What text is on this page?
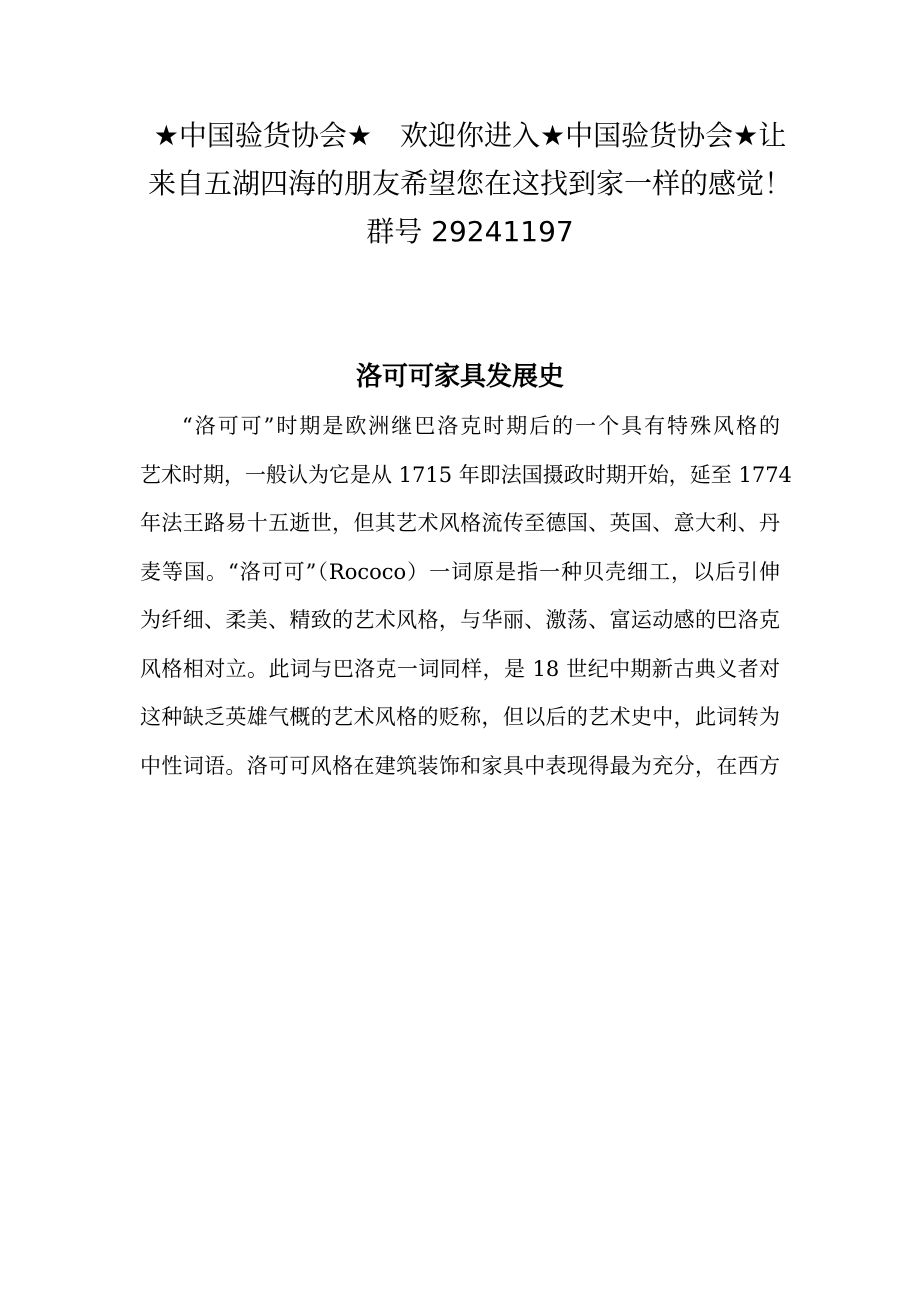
★中国验货协会★　欢迎你进入★中国验货协会★让
来自五湖四海的朋友希望您在这找到家一样的感觉！
群号 29241197
洛可可家具发展史
“洛可可”时期是欧洲继巴洛克时期后的一个具有特殊风格的
艺术时期，一般认为它是从 1715 年即法国摄政时期开始，延至 1774
年法王路易十五逝世，但其艺术风格流传至德国、英国、意大利、丹
麦等国。“洛可可”（Rococo）一词原是指一种贝壳细工，以后引伸
为纤细、柔美、精致的艺术风格，与华丽、激荡、富运动感的巴洛克
风格相对立。此词与巴洛克一词同样，是 18 世纪中期新古典义者对
这种缺乏英雄气概的艺术风格的贬称，但以后的艺术史中，此词转为
中性词语。洛可可风格在建筑装饰和家具中表现得最为充分，在西方
